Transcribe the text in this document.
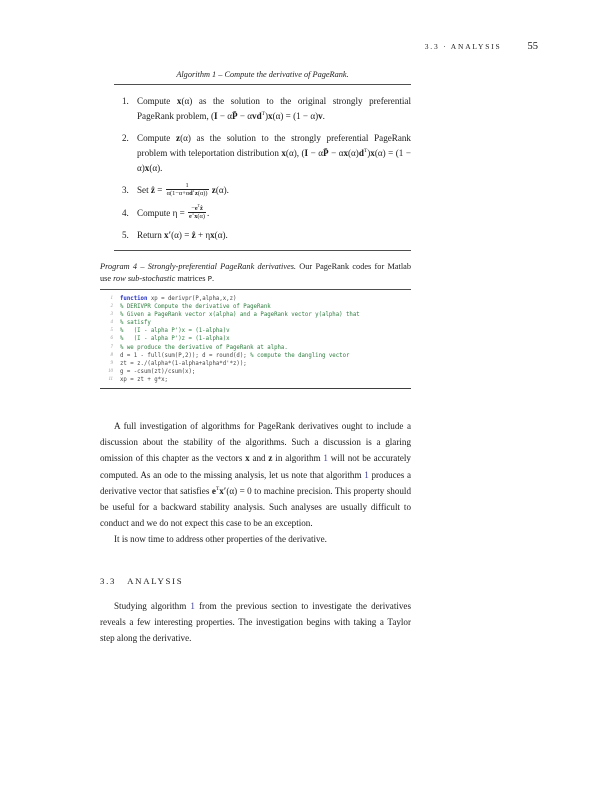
3.3 · ANALYSIS 55
Algorithm 1 – Compute the derivative of PageRank.
1. Compute x(α) as the solution to the original strongly preferential PageRank problem, (I − αP̄ − αvd$^T$)x(α) = (1 − α)v.
2. Compute z(α) as the solution to the strongly preferential PageRank problem with teleportation distribution x(α), (I − αP̄ − $\alpha x(\alpha)d^T)x(\alpha) = (1 - \alpha)x(\alpha)$.
3. Set ẑ = $\frac{1}{\alpha(1-\alpha+\alpha d^Tz(\alpha))} z(\alpha)$.
4. Compute $\eta = \frac{-e^Tẑ}{e^Tx(\alpha)}$ .
5. Return x′(α) = ẑ + ηx(α).
Program 4 – Strongly-preferential PageRank derivatives. Our PageRank codes for Matlab use row sub-stochastic matrices P.
1	function xp = derivpr(P,alpha,x,z)
2	% DERIVPR Compute the derivative of PageRank
3	% Given a PageRank vector x(alpha) and a PageRank vector y(alpha) that
4	% satisfy
5	%   (I - alpha P')x = (1-alpha)v
6	%   (I - alpha P')z = (1-alpha)x
7	% we produce the derivative of PageRank at alpha.
8	d = 1 - full(sum(P,2)); d = round(d); % compute the dangling vector
9	zt = z./(alpha*(1-alpha+alpha*d'*z));
10	g = -csum(zt)/csum(x);
11	xp = zt + g*x;

A full investigation of algorithms for PageRank derivatives ought to include a discussion about the stability of the algorithms. Such a discussion is a glaring omission of this chapter as the vectors x and z in algorithm 1 will not be accurately computed. As an ode to the missing analysis, let us note that algorithm 1 produces a derivative vector that satisfies $e^Tx'(\alpha) = 0$ to machine precision. This property should be useful for a backward stability analysis. Such analyses are usually difficult to conduct and we do not expect this case to be an exception.

It is now time to address other properties of the derivative.

3.3 ANALYSIS

Studying algorithm 1 from the previous section to investigate the derivatives reveals a few interesting properties. The investigation begins with taking a Taylor step along the derivative.
